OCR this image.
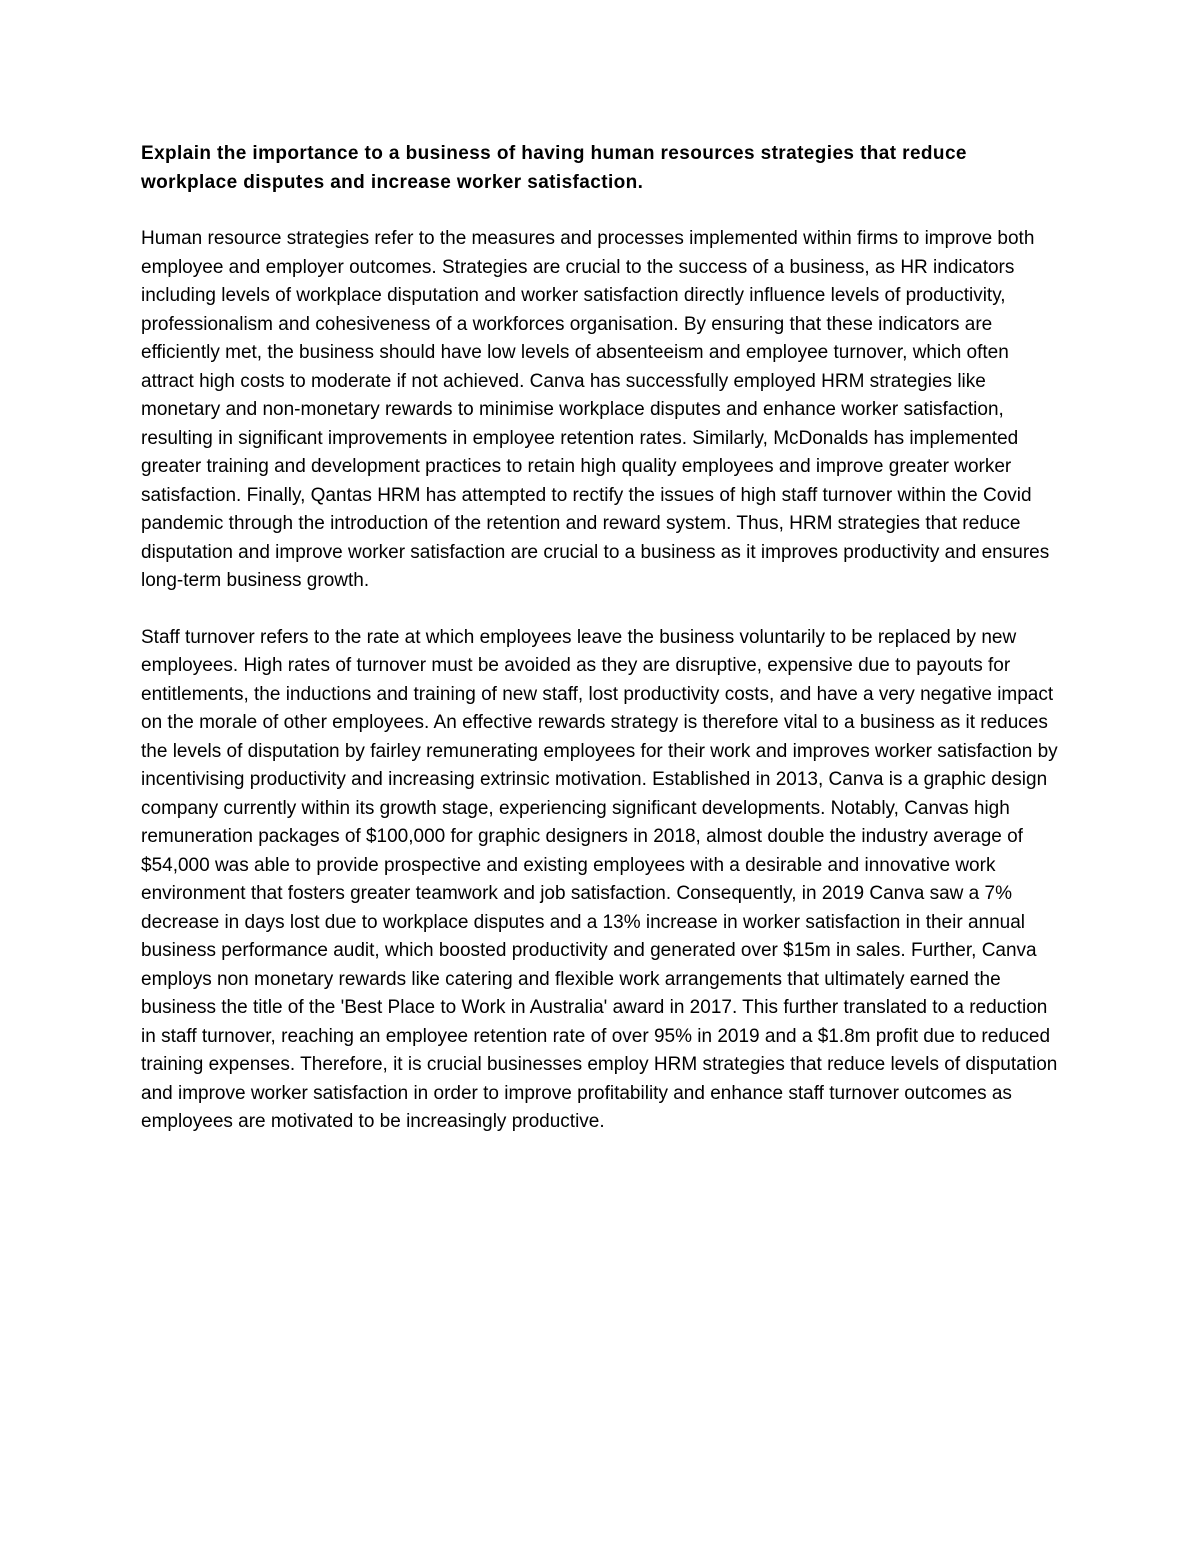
Explain the importance to a business of having human resources strategies that reduce workplace disputes and increase worker satisfaction.

Human resource strategies refer to the measures and processes implemented within firms to improve both employee and employer outcomes. Strategies are crucial to the success of a business, as HR indicators including levels of workplace disputation and worker satisfaction directly influence levels of productivity, professionalism and cohesiveness of a workforces organisation. By ensuring that these indicators are efficiently met, the business should have low levels of absenteeism and employee turnover, which often attract high costs to moderate if not achieved. Canva has successfully employed HRM strategies like monetary and non-monetary rewards to minimise workplace disputes and enhance worker satisfaction, resulting in significant improvements in employee retention rates. Similarly, McDonalds has implemented greater training and development practices to retain high quality employees and improve greater worker satisfaction. Finally, Qantas HRM has attempted to rectify the issues of high staff turnover within the Covid pandemic through the introduction of the retention and reward system. Thus, HRM strategies that reduce disputation and improve worker satisfaction are crucial to a business as it improves productivity and ensures long-term business growth.

Staff turnover refers to the rate at which employees leave the business voluntarily to be replaced by new employees. High rates of turnover must be avoided as they are disruptive, expensive due to payouts for entitlements, the inductions and training of new staff, lost productivity costs, and have a very negative impact on the morale of other employees. An effective rewards strategy is therefore vital to a business as it reduces the levels of disputation by fairley remunerating employees for their work and improves worker satisfaction by incentivising productivity and increasing extrinsic motivation. Established in 2013, Canva is a graphic design company currently within its growth stage, experiencing significant developments. Notably, Canvas high remuneration packages of $100,000 for graphic designers in 2018, almost double the industry average of $54,000 was able to provide prospective and existing employees with a desirable and innovative work environment that fosters greater teamwork and job satisfaction. Consequently, in 2019 Canva saw a 7% decrease in days lost due to workplace disputes and a 13% increase in worker satisfaction in their annual business performance audit, which boosted productivity and generated over $15m in sales. Further, Canva employs non monetary rewards like catering and flexible work arrangements that ultimately earned the business the title of the 'Best Place to Work in Australia' award in 2017. This further translated to a reduction in staff turnover, reaching an employee retention rate of over 95% in 2019 and a $1.8m profit due to reduced training expenses. Therefore, it is crucial businesses employ HRM strategies that reduce levels of disputation and improve worker satisfaction in order to improve profitability and enhance staff turnover outcomes as employees are motivated to be increasingly productive.
